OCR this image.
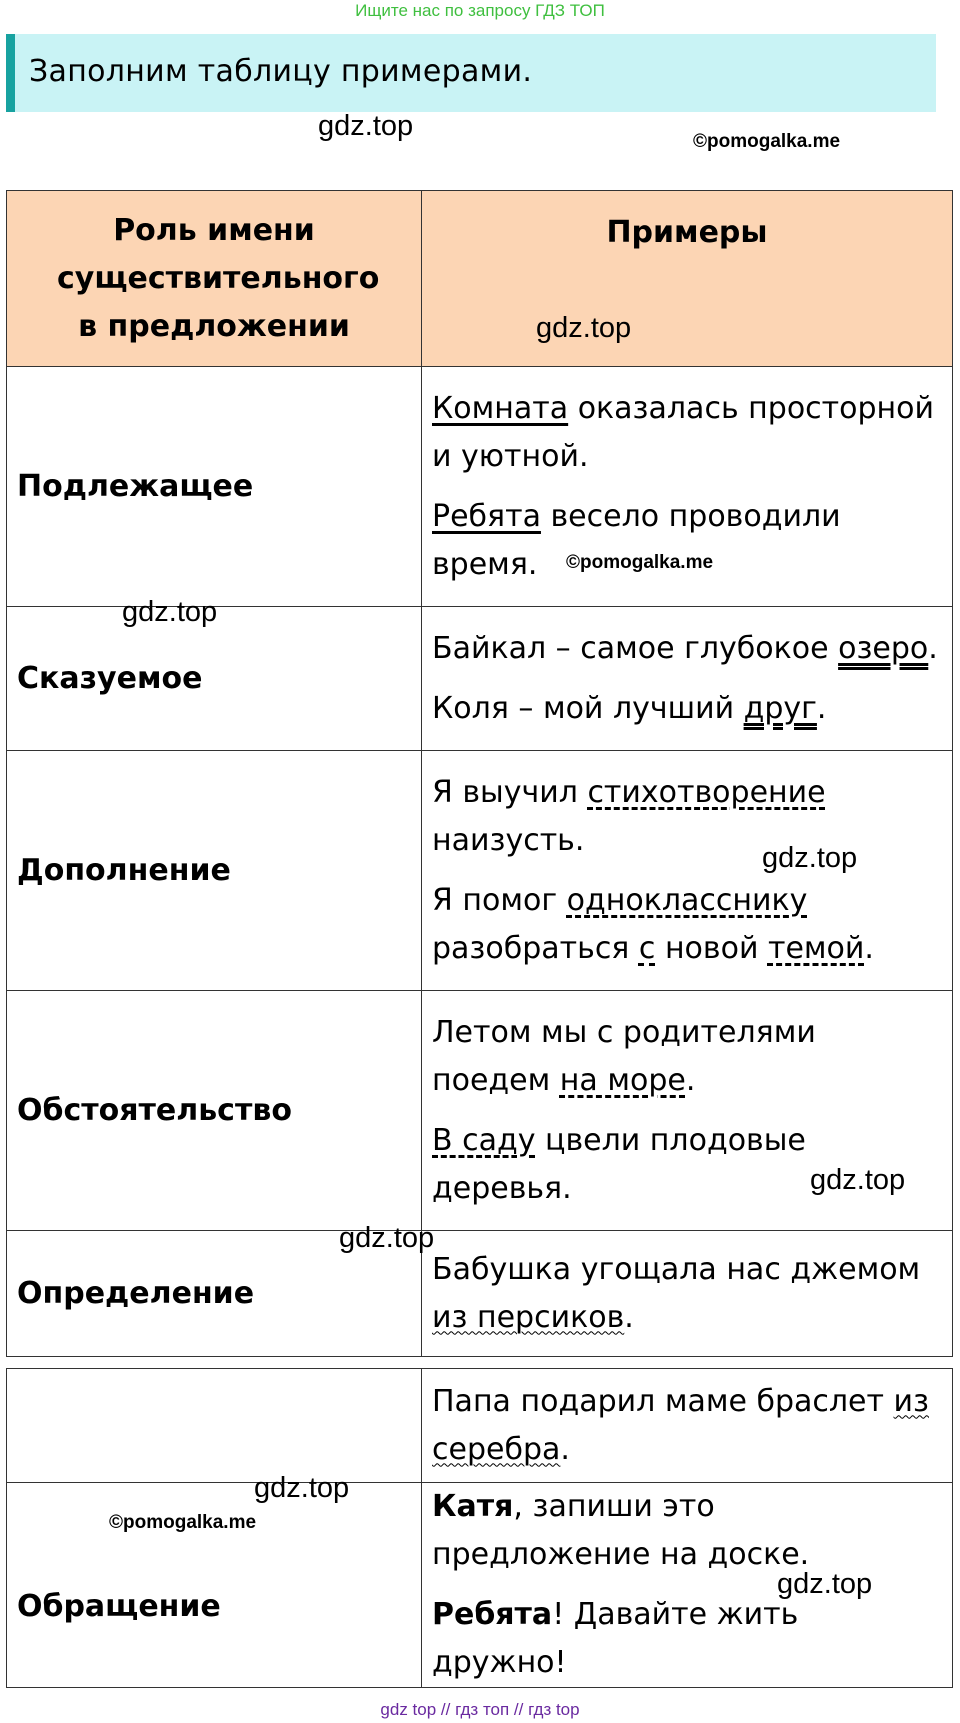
Ищите нас по запросу ГДЗ ТОП
Заполним таблицу примерами.
gdz.top	©pomogalka.me
Роль имени существительного в предложении	Примеры

Подлежащее	Комната оказалась просторной и уютной.

Ребята весело проводили время.

Сказуемое	Байкал – самое глубокое озеро.

Коля – мой лучший друг.

Дополнение	Я выучил стихотворение наизусть.

Я помог однокласснику разобраться с новой темой.

Обстоятельство	Летом мы с родителями поедем на море.

В саду цвели плодовые деревья.

Определение	Бабушка угощала нас джемом из персиков.

	Папа подарил маме браслет из серебра.

Обращение	Катя, запиши это предложение на доске.

Ребята! Давайте жить дружно!

gdz.top
©pomogalka.me
gdz.top
gdz.top
gdz.top
gdz.top
gdz.top
©pomogalka.me
gdz.top
gdz top // гдз топ // гдз top
